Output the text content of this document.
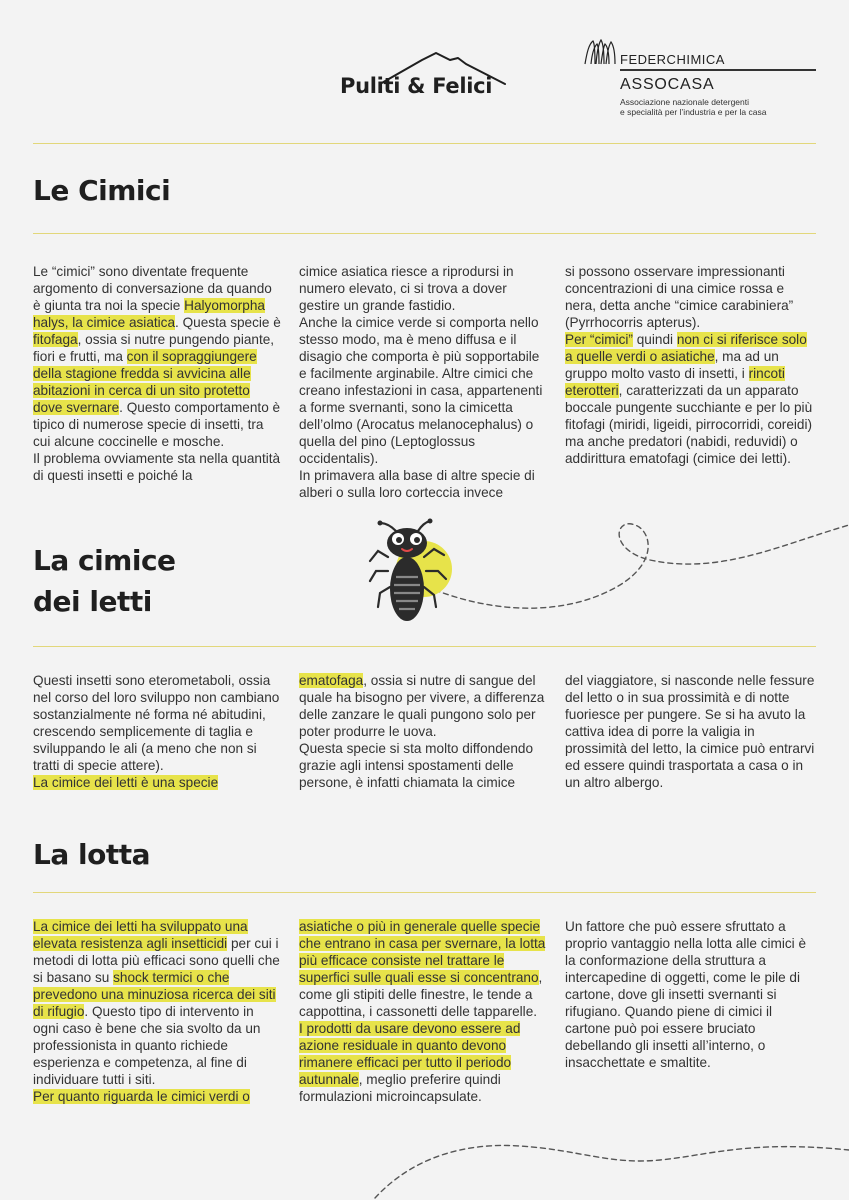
Puliti & Felici
FEDERCHIMICA
ASSOCASA
Associazione nazionale detergenti
e specialità per l’industria e per la casa
Le Cimici
Le “cimici” sono diventate frequente argomento di conversazione da quando è giunta tra noi la specie Halyomorpha halys, la cimice asiatica. Questa specie è fitofaga, ossia si nutre pungendo piante, fiori e frutti, ma con il sopraggiungere della stagione fredda si avvicina alle abitazioni in cerca di un sito protetto dove svernare. Questo comportamento è tipico di numerose specie di insetti, tra cui alcune coccinelle e mosche.
Il problema ovviamente sta nella quantità di questi insetti e poiché la
cimice asiatica riesce a riprodursi in numero elevato, ci si trova a dover gestire un grande fastidio.
Anche la cimice verde si comporta nello stesso modo, ma è meno diffusa e il disagio che comporta è più sopportabile e facilmente arginabile. Altre cimici che creano infestazioni in casa, appartenenti a forme svernanti, sono la cimicetta dell’olmo (Arocatus melanocephalus) o quella del pino (Leptoglossus occidentalis).
In primavera alla base di altre specie di alberi o sulla loro corteccia invece
si possono osservare impressionanti concentrazioni di una cimice rossa e nera, detta anche “cimice carabiniera” (Pyrrhocorris apterus).
Per “cimici” quindi non ci si riferisce solo a quelle verdi o asiatiche, ma ad un gruppo molto vasto di insetti, i rincoti eterotteri, caratterizzati da un apparato boccale pungente succhiante e per lo più fitofagi (miridi, ligeidi, pirrocorridi, coreidi) ma anche predatori (nabidi, reduvidi) o addirittura ematofagi (cimice dei letti).
La cimice
dei letti
Questi insetti sono eterometaboli, ossia nel corso del loro sviluppo non cambiano sostanzialmente né forma né abitudini, crescendo semplicemente di taglia e sviluppando le ali (a meno che non si tratti di specie attere).
La cimice dei letti è una specie
ematofaga, ossia si nutre di sangue del quale ha bisogno per vivere, a differenza delle zanzare le quali pungono solo per poter produrre le uova.
Questa specie si sta molto diffondendo grazie agli intensi spostamenti delle persone, è infatti chiamata la cimice
del viaggiatore, si nasconde nelle fessure del letto o in sua prossimità e di notte fuoriesce per pungere. Se si ha avuto la cattiva idea di porre la valigia in prossimità del letto, la cimice può entrarvi ed essere quindi trasportata a casa o in un altro albergo.
La lotta
La cimice dei letti ha sviluppato una elevata resistenza agli insetticidi per cui i metodi di lotta più efficaci sono quelli che si basano su shock termici o che prevedono una minuziosa ricerca dei siti di rifugio. Questo tipo di intervento in ogni caso è bene che sia svolto da un professionista in quanto richiede esperienza e competenza, al fine di individuare tutti i siti.
Per quanto riguarda le cimici verdi o
asiatiche o più in generale quelle specie che entrano in casa per svernare, la lotta più efficace consiste nel trattare le superfici sulle quali esse si concentrano, come gli stipiti delle finestre, le tende a cappottina, i cassonetti delle tapparelle.
I prodotti da usare devono essere ad azione residuale in quanto devono rimanere efficaci per tutto il periodo autunnale, meglio preferire quindi formulazioni microincapsulate.
Un fattore che può essere sfruttato a proprio vantaggio nella lotta alle cimici è la conformazione della struttura a intercapedine di oggetti, come le pile di cartone, dove gli insetti svernanti si rifugiano. Quando piene di cimici il cartone può poi essere bruciato debellando gli insetti all’interno, o insacchettate e smaltite.
